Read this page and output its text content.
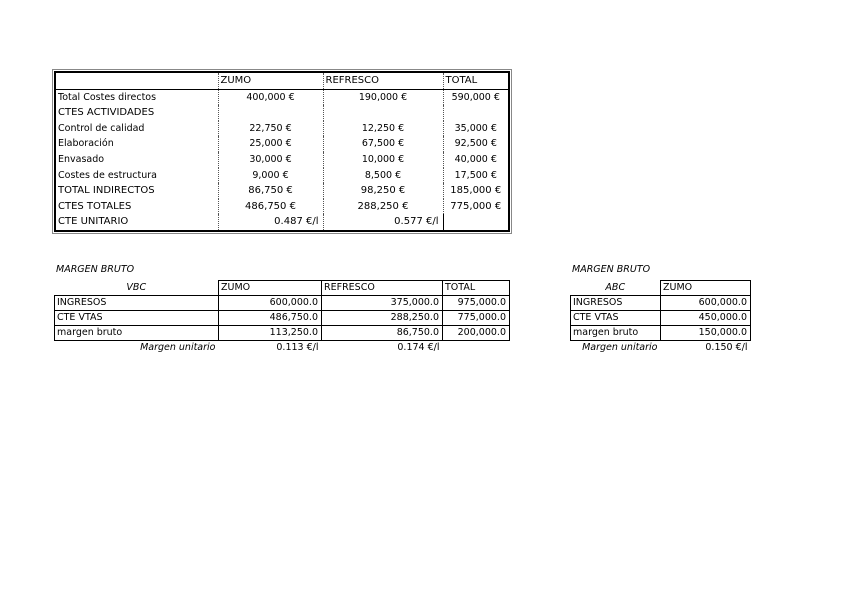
	ZUMO	REFRESCO	TOTAL
Total Costes directos	400,000 €	190,000 €	590,000 €
CTES ACTIVIDADES			
Control de calidad	22,750 €	12,250 €	35,000 €
Elaboración	25,000 €	67,500 €	92,500 €
Envasado	30,000 €	10,000 €	40,000 €
Costes de estructura	9,000 €	8,500 €	17,500 €
TOTAL INDIRECTOS	86,750 €	98,250 €	185,000 €
CTES TOTALES	486,750 €	288,250 €	775,000 €
CTE UNITARIO	0.487 €/l	0.577 €/l	
MARGEN BRUTO
VBC	ZUMO	REFRESCO	TOTAL
INGRESOS	600,000.0	375,000.0	975,000.0
CTE VTAS	486,750.0	288,250.0	775,000.0
margen bruto	113,250.0	86,750.0	200,000.0
Margen unitario	0.113 €/l	0.174 €/l	
MARGEN BRUTO
ABC	ZUMO
INGRESOS	600,000.0
CTE VTAS	450,000.0
margen bruto	150,000.0
Margen unitario	0.150 €/l
